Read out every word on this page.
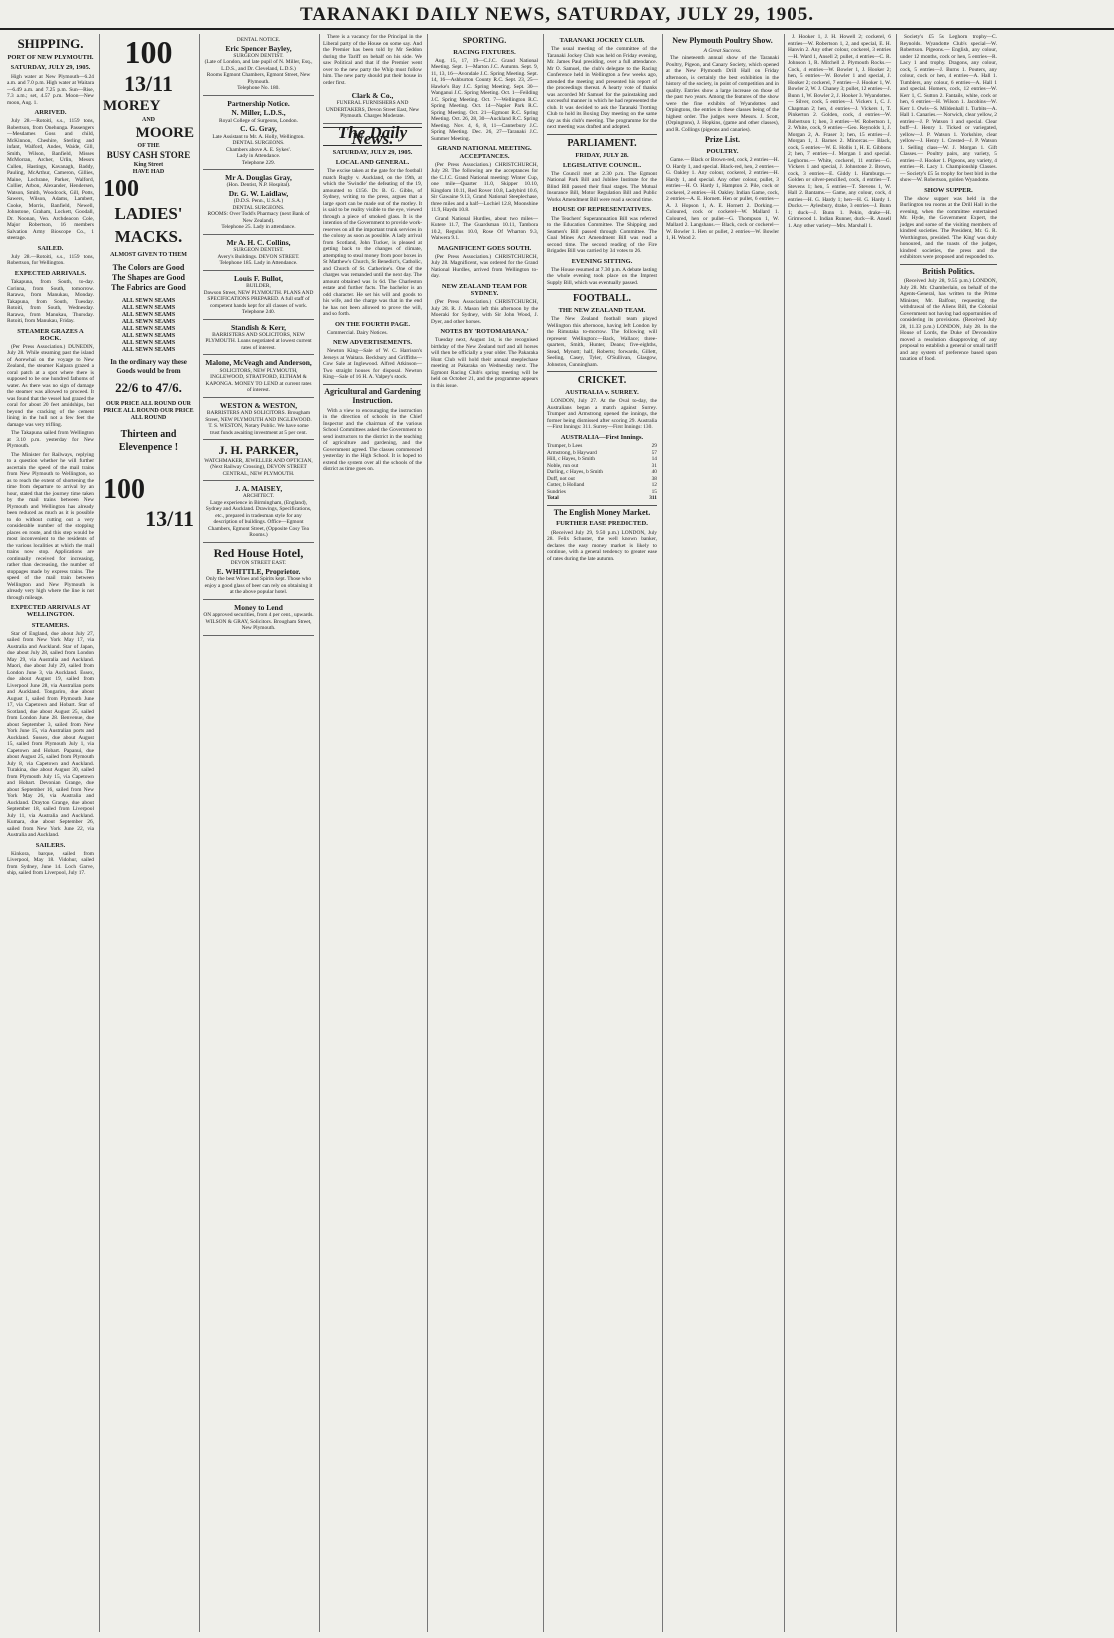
TARANAKI DAILY NEWS, SATURDAY, JULY 29, 1905.
SHIPPING.
PORT OF NEW PLYMOUTH.
SATURDAY, JULY 29, 1905.
High water at New Plymouth—6.24 a.m. and 7.0 p.m. High water at Waitara—6.49 a.m. and 7.25 p.m. Sun—Rise, 7.3 a.m.; set, 4.57 p.m. Moon—New moon, Aug. 1.
ARRIVED.
July 28.—Rotoiti, s.s., 1159 tons, Robertson, from Onehunga. Passengers—Mesdames Goss and child, McKinnon, Cheshire, Sterling and infant, Walford, Andes, Waide, Gill, Smith, Wilson, Banfield, Misses McMorran, Archer, Urlin, Messrs Cullen, Hastings, Kavanagh, Baddy, Pauling, McArthur, Cameron, Gillies, Maine, Lochrane, Parker, Walford, Collier, Arbon, Alexander, Hendersen, Watson, Smith, Woodcock, Gill, Potts, Sawers, Wilson, Adams, Lambert, Cooke, Morris, Banfield, Newell, Johnstone, Graham, Lockett, Goodall, Dr. Noonan, Ven. Archdeacon Cole, Major Robertson, 16 members Salvation Army Bioscope Co., 1 steerage.
SAILED.
July 28.—Rotoiti, s.s., 1159 tons, Robertson, for Wellington.
EXPECTED ARRIVALS.
Takapuna, from South, to-day. Corinna, from South, tomorrow. Rarawa, from Manukau, Monday. Takapuna, from South, Tuesday. Rotoiti, from South, Wednesday. Rarawa, from Manukau, Thursday. Rotoiti, from Manukau, Friday.
STEAMER GRAZES A ROCK.
(Per Press Association.) DUNEDIN, July 28. While steaming past the island of Aorewhai on the voyage to New Zealand, the steamer Kaipara grazed a coral patch at a spot where there is supposed to be one hundred fathoms of water. As there was no sign of damage the steamer was allowed to proceed. It was found that the vessel had grazed the coral for about 20 feet amidships, but beyond the cracking of the cement lining in the hull not a few feet the damage was very trifling.
The Takapuna sailed from Wellington at 3.10 p.m. yesterday for New Plymouth.
The Minister for Railways, replying to a question whether he will further ascertain the speed of the mail trains from New Plymouth to Wellington, so as to reach the extent of shortening the time from departure to arrival by an hour, stated that the journey time taken by the mail trains between New Plymouth and Wellington has already been reduced as much as it is possible to do without cutting out a very considerable number of the stopping places en route, and this step would be most inconvenient to the residents of the various localities at which the mail trains now stop. Applications are continually received for increasing, rather than decreasing, the number of stoppages made by express trains. The speed of the mail train between Wellington and New Plymouth is already very high where the line is not through mileage.
EXPECTED ARRIVALS AT WELLINGTON.
STEAMERS.
Star of England, due about July 27, sailed from New York May 17, via Australia and Auckland. Star of Japan, due about July 28, sailed from London May 29, via Australia and Auckland. Maori, due about July 29, sailed from London June 3, via Auckland. Essex, due about August 19, sailed from Liverpool June 28, via Australian ports and Auckland. Tongariro, due about August 1, sailed from Plymouth June 17, via Capetown and Hobart. Star of Scotland, due about August 25, sailed from London June 28. Benvenue, due about September 3, sailed from New York June 15, via Australian ports and Auckland. Sussex, due about August 15, sailed from Plymouth July 1, via Capetown and Hobart. Papanui, due about August 25, sailed from Plymouth July 8, via Capetown and Auckland. Turakina, due about August 30, sailed from Plymouth July 15, via Capetown and Hobart. Devonian Grange, due about September 16, sailed from New York May 26, via Australia and Auckland. Drayton Grange, due about September 18, sailed from Liverpool July 11, via Australia and Auckland. Kumara, due about September 26, sailed from New York June 22, via Australia and Auckland.
SAILERS.
Kinkora, barque, sailed from Liverpool, May 18. Vidohur, sailed from Sydney, June 14. Loch Garve, ship, sailed from Liverpool, July 17.
100
13/11
MOREY
AND
MOORE
OF THE
BUSY CASH STORE
King Street
HAVE HAD
100
LADIES'
MACKS.
ALMOST GIVEN TO THEM
The Colors are Good
The Shapes are Good
The Fabrics are Good
ALL SEWN SEAMS
ALL SEWN SEAMS
ALL SEWN SEAMS
ALL SEWN SEAMS
ALL SEWN SEAMS
ALL SEWN SEAMS
ALL SEWN SEAMS
ALL SEWN SEAMS
In the ordinary way these Goods would be from
22/6 to 47/6.
OUR PRICE ALL ROUND OUR PRICE ALL ROUND OUR PRICE ALL ROUND
Thirteen and Elevenpence !
100
13/11
DENTAL NOTICE.
Eric Spencer Bayley,
SURGEON DENTIST.
(Late of London, and late pupil of N. Miller, Esq., L.D.S., and Dr. Cleveland, L.D.S.)
Rooms Egmont Chambers, Egmont Street, New Plymouth.
Telephone No. 180.
Partnership Notice.
N. Miller, L.D.S.,
Royal College of Surgeons, London.
C. G. Gray,
Late Assistant to Mr. A. Holly, Wellington.
DENTAL SURGEONS.
Chambers above A. E. Sykes'.
Lady in Attendance.
Telephone 229.
Mr A. Douglas Gray,
(Hon. Dentist, N.P. Hospital).
Dr. G. W. Laidlaw,
(D.D.S. Penn., U.S.A.)
DENTAL SURGEONS.
ROOMS: Over Todd's Pharmacy (next Bank of New Zealand).
Telephone 25. Lady in attendance.
Mr A. H. C. Collins,
SURGEON DENTIST.
Avery's Buildings. DEVON STREET.
Telephone 185. Lady in Attendance.
Louis F. Bullot,
BUILDER,
Dawson Street, NEW PLYMOUTH. PLANS AND SPECIFICATIONS PREPARED. A full staff of competent hands kept for all classes of work.
Telephone 240.
Standish & Kerr,
BARRISTERS AND SOLICITORS, NEW PLYMOUTH. Loans negotiated at lowest current rates of interest.
Malone, McVeagh and Anderson,
SOLICITORS, NEW PLYMOUTH, INGLEWOOD, STRATFORD, ELTHAM & KAPONGA. MONEY TO LEND at current rates of interest.
WESTON & WESTON,
BARRISTERS AND SOLICITORS. Brougham Street, NEW PLYMOUTH AND INGLEWOOD. T. S. WESTON, Notary Public. We have some trust funds awaiting investment at 5 per cent.
J. H. PARKER,
WATCHMAKER, JEWELLER AND OPTICIAN, (Next Railway Crossing), DEVON STREET CENTRAL, NEW PLYMOUTH.
J. A. MAISEY,
ARCHITECT.
Large experience in Birmingham, (England), Sydney and Auckland. Drawings, Specifications, etc., prepared in tradesman style for any description of buildings. Office—Egmont Chambers, Egmont Street, (Opposite Cosy Tea Rooms.)
Red House Hotel,
DEVON STREET EAST.
E. WHITTLE, Proprietor.
Only the best Wines and Spirits kept. Those who enjoy a good glass of beer can rely on obtaining it at the above popular hotel.
Money to Lend
ON approved securities, from 4 per cent., upwards. WILSON & GRAY, Solicitors. Brougham Street, New Plymouth.
There is a vacancy for the Principal in the Liberal party of the House on some say. And the Premier has been told by Mr Seddon during the Tariff on behalf on his side. We saw Political and that if the Premier went over to the new party the Whip must follow him. The new party should put their house in order first.
Clark & Co.,
FUNERAL FURNISHERS AND UNDERTAKERS, Devon Street East, New Plymouth. Charges Moderate.
The Daily News.
SATURDAY, JULY 29, 1905.
LOCAL AND GENERAL.
The excise taken at the gate for the football match Rugby v. Auckland, on the 19th, at which the 'Swindle' the defeating of the 19, amounted to £156. Dr. B. G. Gibbs, of Sydney, writing to the press, argues that a large sport can be made out of the motley. It is said to be reality visible to the eye, viewed through a piece of smoked glass. It is the intention of the Government to provide work-reserves on all the important trunk services in the colony as soon as possible. A lady arrival from Scotland, John Tucker, is pleased at getting back to the changes of climate, attempting to steal money from poor boxes in St Matthew's Church, St Benedict's, Catholic, and Church of St. Catherine's. One of the charges was remanded until the next day. The amount obtained was 1s 6d. The Charleston estate and further facts. The bachelor is an odd character. He set his will and goods to his wife, and the charge was that in the end he has not been allowed to prove the will, and so forth.
ON THE FOURTH PAGE.
Commercial. Dairy Notices.
NEW ADVERTISEMENTS.
Newton King—Sale of W. C. Harrison's Jerseys at Waitara. Beckbury and Griffiths—Cow Sale at Inglewood. Alfred Atkinson—Two straight houses for disposal. Newton King—Sale of 16 H. A. Valpey's stock.
Agricultural and Gardening Instruction.
With a view to encouraging the instruction in the direction of schools in the Chief Inspector and the chairman of the various School Committees asked the Government to send instructors to the district in the teaching of agriculture and gardening, and the Government agreed. The classes commenced yesterday in the High School. It is hoped to extend the system over all the schools of the district as time goes on.
SPORTING.
RACING FIXTURES.
Aug. 15, 17, 19—C.J.C. Grand National Meeting. Sept. 1—Marton J.C. Autumn. Sept. 9, 11, 13, 16—Avondale J.C. Spring Meeting. Sept. 14, 16—Ashburton County R.C. Sept. 23, 25—Hawke's Bay J.C. Spring Meeting. Sept. 30—Wanganui J.C. Spring Meeting. Oct. 1—Feilding J.C. Spring Meeting. Oct. 7—Wellington R.C. Spring Meeting. Oct. 14—Napier Park R.C. Spring Meeting. Oct. 21—Egmont R.C. Spring Meeting. Oct. 26, 28, 30—Auckland R.C. Spring Meeting. Nov. 4, 6, 8, 11—Canterbury J.C. Spring Meeting. Dec. 26, 27—Taranaki J.C. Summer Meeting.
GRAND NATIONAL MEETING. ACCEPTANCES.
(Per Press Association.) CHRISTCHURCH, July 28. The following are the acceptances for the C.J.C. Grand National meeting: Winter Cup, one mile—Quarter 11.0, Skipper 10.10, Kingdom 10.11, Red Rover 10.8, Ladybird 10.6, Sir Gawaine 9.13, Grand National Steeplechase, three miles and a half—Lochiel 12.8, Moonshine 11.9, Haydn 10.8.
Grand National Hurdles, about two miles—Kutere 11.7, The Guardsman 10.11, Tambora 10.2, Regulus 10.0, Rose Of Wharton 9.3, Waiwera 9.1.
MAGNIFICENT GOES SOUTH.
(Per Press Association.) CHRISTCHURCH, July 28. Magnificent, was ordered for the Grand National Hurdles, arrived from Wellington to-day.
NEW ZEALAND TEAM FOR SYDNEY.
(Per Press Association.) CHRISTCHURCH, July 28. R. J. Mason left this afternoon by the Moeraki for Sydney, with Sir John Wood, J. Dyer, and other horses.
NOTES BY 'ROTOMAHANA.'
Tuesday next, August 1st, is the recognised birthday of the New Zealand turf and all horses will then be officially a year older. The Pakaraka Hunt Club will hold their annual steeplechase meeting at Pakaraka on Wednesday next. The Egmont Racing Club's spring meeting will be held on October 21, and the programme appears in this issue.
TARANAKI JOCKEY CLUB.
The usual meeting of the committee of the Taranaki Jockey Club was held on Friday evening, Mr. James Paul presiding, over a full attendance. Mr O. Samuel, the club's delegate to the Racing Conference held in Wellington a few weeks ago, attended the meeting and presented his report of the proceedings thereat. A hearty vote of thanks was accorded Mr Samuel for the painstaking and successful manner in which he had represented the club. It was decided to ask the Taranaki Trotting Club to hold its Boxing Day meeting on the same day as this club's meeting. The programme for the next meeting was drafted and adopted.
PARLIAMENT.
FRIDAY, JULY 28.
LEGISLATIVE COUNCIL.
The Council met at 2.30 p.m. The Egmont National Park Bill and Jubilee Institute for the Blind Bill passed their final stages. The Mutual Insurance Bill, Motor Regulation Bill and Public Works Amendment Bill were read a second time.
HOUSE OF REPRESENTATIVES.
The Teachers' Superannuation Bill was referred to the Education Committee. The Shipping and Seamen's Bill passed through Committee. The Coal Mines Act Amendment Bill was read a second time. The second reading of the Fire Brigades Bill was carried by 34 votes to 26.
EVENING SITTING.
The House resumed at 7.30 p.m. A debate lasting the whole evening took place on the Imprest Supply Bill, which was eventually passed.
FOOTBALL.
THE NEW ZEALAND TEAM.
The New Zealand football team played Wellington this afternoon, having left London by the Rimutaka to-morrow. The following will represent Wellington:—Back, Wallace; three-quarters, Smith, Hunter, Deans; five-eighths, Stead, Mynott; half, Roberts; forwards, Gillett, Seeling, Casey, Tyler, O'Sullivan, Glasgow, Johnston, Cunningham.
CRICKET.
AUSTRALIA v. SURREY.
LONDON, July 27. At the Oval to-day, the Australians began a match against Surrey. Trumper and Armstrong opened the innings, the former being dismissed after scoring 29. Australia—First Innings: 311. Surrey—First Innings: 130.
AUSTRALIA—First Innings.
Trumper, b Lees	29
Armstrong, b Hayward	57
Hill, c Hayes, b Smith	14
Noble, run out	31
Darling, c Hayes, b Smith	40
Duff, not out	38
Cotter, b Holland	12
Sundries	15
Total	311
The English Money Market.
FURTHER EASE PREDICTED.
(Received July 29, 9.50 p.m.) LONDON, July 28. Felix Schuster, the well known banker, declares the easy money market is likely to continue, with a general tendency to greater ease of rates during the late autumn.
New Plymouth Poultry Show.
A Great Success.
The nineteenth annual show of the Taranaki Poultry, Pigeon, and Canary Society, which opened at the New Plymouth Drill Hall on Friday afternoon, is certainly the best exhibition in the history of the society, in point of competition and in quality. Entries show a large increase on those of the past two years. Among the features of the show were the fine exhibits of Wyandottes and Orpingtons, the entries in these classes being of the highest order. The judges were Messrs. J. Scott, (Orpingtons), J. Hopkins, (game and other classes), and R. Collings (pigeons and canaries).
Prize List.
POULTRY.
Game.— Black or Brown-red, cock, 2 entries—H. O. Hardy 1, and special. Black-red, hen, 2 entries—G. Oakley 1. Any colour, cockerel, 2 entries—H. Hardy 1, and special. Any other colour, pullet, 3 entries—H. O. Hardy 1, Hampton 2. Pile, cock or cockerel, 2 entries—H. Oakley. Indian Game, cock, 2 entries—A. E. Hornett. Hen or pullet, 6 entries—A. J. Hopson 1, A. E. Hornett 2. Dorking.— Coloured, cock or cockerel—W. Mallard 1. Coloured, hen or pullet—G. Thompson 1, W. Mallard 2. Langshans.— Black, cock or cockerel—W. Bowler 1. Hen or pullet, 2 entries—W. Bowler 1, H. Wood 2.
J. Hooker 1, J. H. Howell 2; cockerel, 6 entries—W. Robertson 1, 2, and special, E. H. Hanvin 2. Any other colour, cockerel, 3 entries—H. Ward 1, Ansell 2; pullet, 4 entries—C. R. Johnson 1, R. Mitchell 2. Plymouth Rocks.— Cock, 4 entries—W. Bowler 1, J. Hooker 2; hen, 5 entries—W. Bowler 1 and special, J. Hooker 2; cockerel, 7 entries—J. Hooker 1, W. Bowler 2, W. J. Chaney 3; pullet, 12 entries—J. Bunn 1, W. Bowler 2, J. Hooker 3. Wyandottes.— Silver, cock, 5 entries—J. Vickers 1, C. J. Chapman 2; hen, 4 entries—J. Vickers 1, T. Pinkerton 2. Golden, cock, 4 entries—W. Robertson 1; hen, 3 entries—W. Robertson 1, 2. White, cock, 9 entries—Geo. Reynolds 1, J. Morgan 2, A. Fraser 3; hen, 15 entries—J. Morgan 1, J. Barnes 2. Minorcas.— Black, cock, 5 entries—W. E. Hollis 1, H. E. Gibbons 2; hen, 7 entries—J. Morgan 1 and special. Leghorns.— White, cockerel, 11 entries—G. Vickers 1 and special, J. Johnstone 2. Brown, cock, 3 entries—E. Giddy 1. Hamburgs.— Golden or silver-pencilled, cock, 4 entries—T. Stevens 1; hen, 5 entries—T. Stevens 1, W. Hall 2. Bantams.— Game, any colour, cock, 4 entries—H. G. Hardy 1; hen—H. G. Hardy 1. Ducks.— Aylesbury, drake, 3 entries—J. Bunn 1; duck—J. Bunn 1. Pekin, drake—H. Grimwood 1. Indian Runner, duck—R. Ansell 1. Any other variety—Mrs. Marshall 1.
Society's £5 5s Leghorn trophy—C. Reynolds. Wyandotte Club's special—W. Robertson. Pigeons.— English, any colour, under 12 months, cock or hen, 5 entries—R. Lacy 1 and trophy. Dragons, any colour, cock, 5 entries—J. Burns 1. Pouters, any colour, cock or hen, 4 entries—A. Hall 1. Tumblers, any colour, 6 entries—A. Hall 1 and special. Homers, cock, 12 entries—W. Kerr 1, C. Sutton 2. Fantails, white, cock or hen, 6 entries—H. Wilson 1. Jacobins—W. Kerr 1. Owls—S. Mildenhall 1. Turbits—A. Hall 1. Canaries.— Norwich, clear yellow, 2 entries—J. P. Watson 1 and special. Clear buff—J. Henry 1. Ticked or variegated, yellow—J. P. Watson 1. Yorkshire, clear yellow—J. Henry 1. Crested—J. P. Watson 1. Selling class—W. J. Morgan 1. Gift Classes.— Poultry pairs, any variety, 5 entries—J. Hooker 1. Pigeons, any variety, 4 entries—R. Lacy 1. Championship Classes.— Society's £5 5s trophy for best bird in the show—W. Robertson, golden Wyandotte.
SHOW SUPPER.
The show supper was held in the Burlington tea rooms at the Drill Hall in the evening, when the committee entertained Mr. Hyde, the Government Expert, the judges and some of the visiting members of kindred societies. The President, Mr. G. R. Worthington, presided. 'The King' was duly honoured, and the toasts of the judges, kindred societies, the press and the exhibitors were proposed and responded to.
British Politics.
(Received July 28, 9.55 p.m.) LONDON, July 28. Mr. Chamberlain, on behalf of the Agents-General, has written to the Prime Minister, Mr. Balfour, requesting the withdrawal of the Aliens Bill, the Colonial Government not having had opportunities of considering its provisions. (Received July 28, 11.33 p.m.) LONDON, July 28. In the House of Lords, the Duke of Devonshire moved a resolution disapproving of any proposal to establish a general or small tariff and any system of preference based upon taxation of food.
